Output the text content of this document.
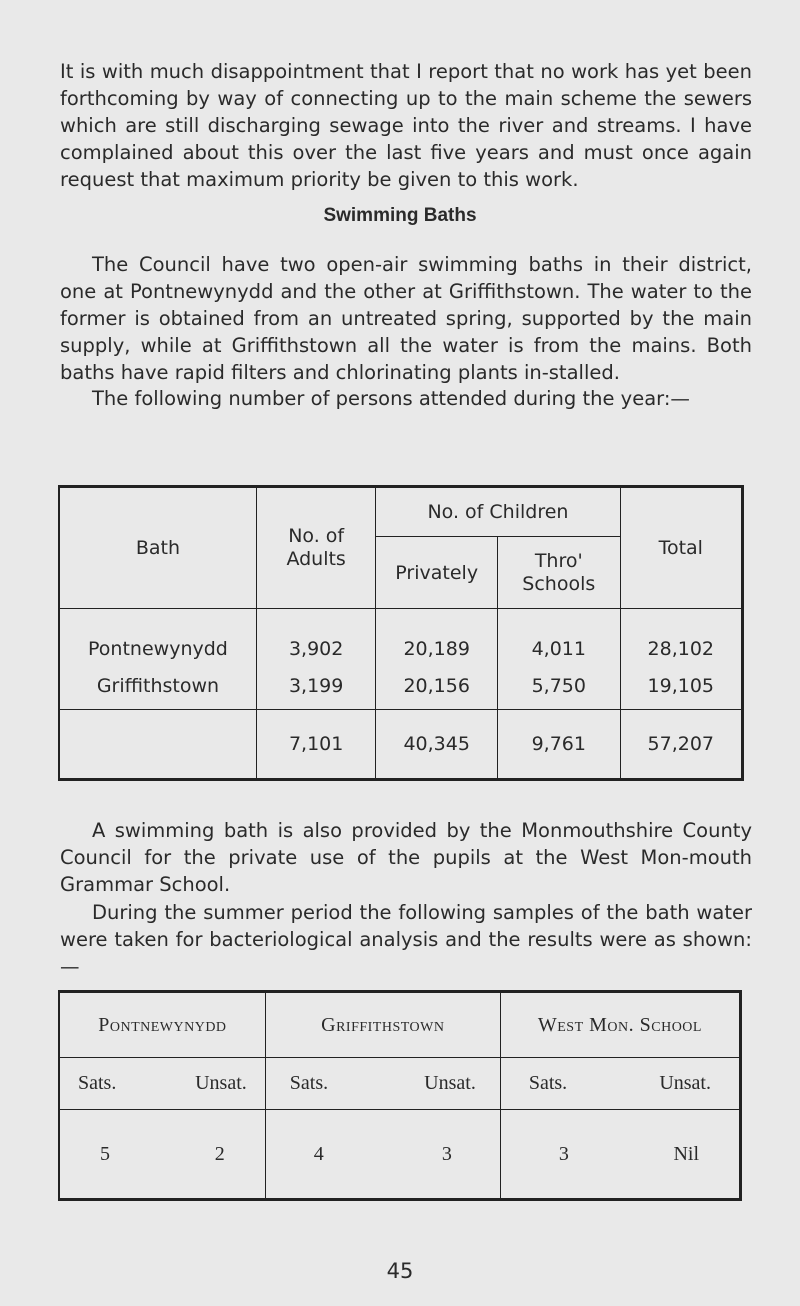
It is with much disappointment that I report that no work has yet been forthcoming by way of connecting up to the main scheme the sewers which are still discharging sewage into the river and streams. I have complained about this over the last five years and must once again request that maximum priority be given to this work.

Swimming Baths

The Council have two open-air swimming baths in their district, one at Pontnewynydd and the other at Griffithstown. The water to the former is obtained from an untreated spring, supported by the main supply, while at Griffithstown all the water is from the mains. Both baths have rapid filters and chlorinating plants in-stalled.

The following number of persons attended during the year:—

Bath	No. of Adults	No. of Children		Total
		Privately	Thro' Schools	
Pontnewynydd	3,902	20,189	4,011	28,102
Griffithstown	3,199	20,156	5,750	19,105
	7,101	40,345	9,761	57,207

A swimming bath is also provided by the Monmouthshire County Council for the private use of the pupils at the West Mon-mouth Grammar School.

During the summer period the following samples of the bath water were taken for bacteriological analysis and the results were as shown:—

Pontnewynydd	Griffithstown	West Mon. School

Sats. Unsat.	Sats. Unsat.	Sats. Unsat.

5 2	4 3	3 Nil
45
